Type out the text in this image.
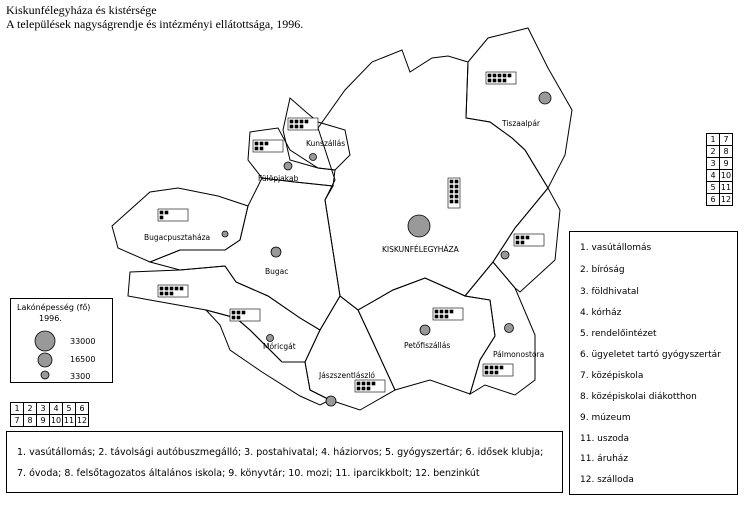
Kiskunfélegyháza és kistérsége
A települések nagyságrendje és intézményi ellátottsága, 1996.
KISKUNFÉLEGYHÁZA
Tiszaalpár
Kunszállás
Fülöpjakab
Bugacpusztaháza
Bugac
Petőfiszállás
Pálmonostora
Jászszentlászló
Móricgát
Lakónépesség (fő)
1996.
33000
16500
3300
1	2	3	4	5	6
7	8	9	10	11	12
1	7
2	8
3	9
4	10
5	11
6	12
1. vasútállomás
2. bíróság
3. földhivatal
4. kórház
5. rendelőintézet
6. ügyeletet tartó gyógyszertár
7. középiskola
8. középiskolai diákotthon
9. múzeum
11. uszoda
11. áruház
12. szálloda
1. vasútállomás; 2. távolsági autóbuszmegálló; 3. postahivatal; 4. háziorvos; 5. gyógyszertár; 6. idősek klubja;
7. óvoda; 8. felsőtagozatos általános iskola; 9. könyvtár; 10. mozi; 11. iparcikkbolt; 12. benzinkút
